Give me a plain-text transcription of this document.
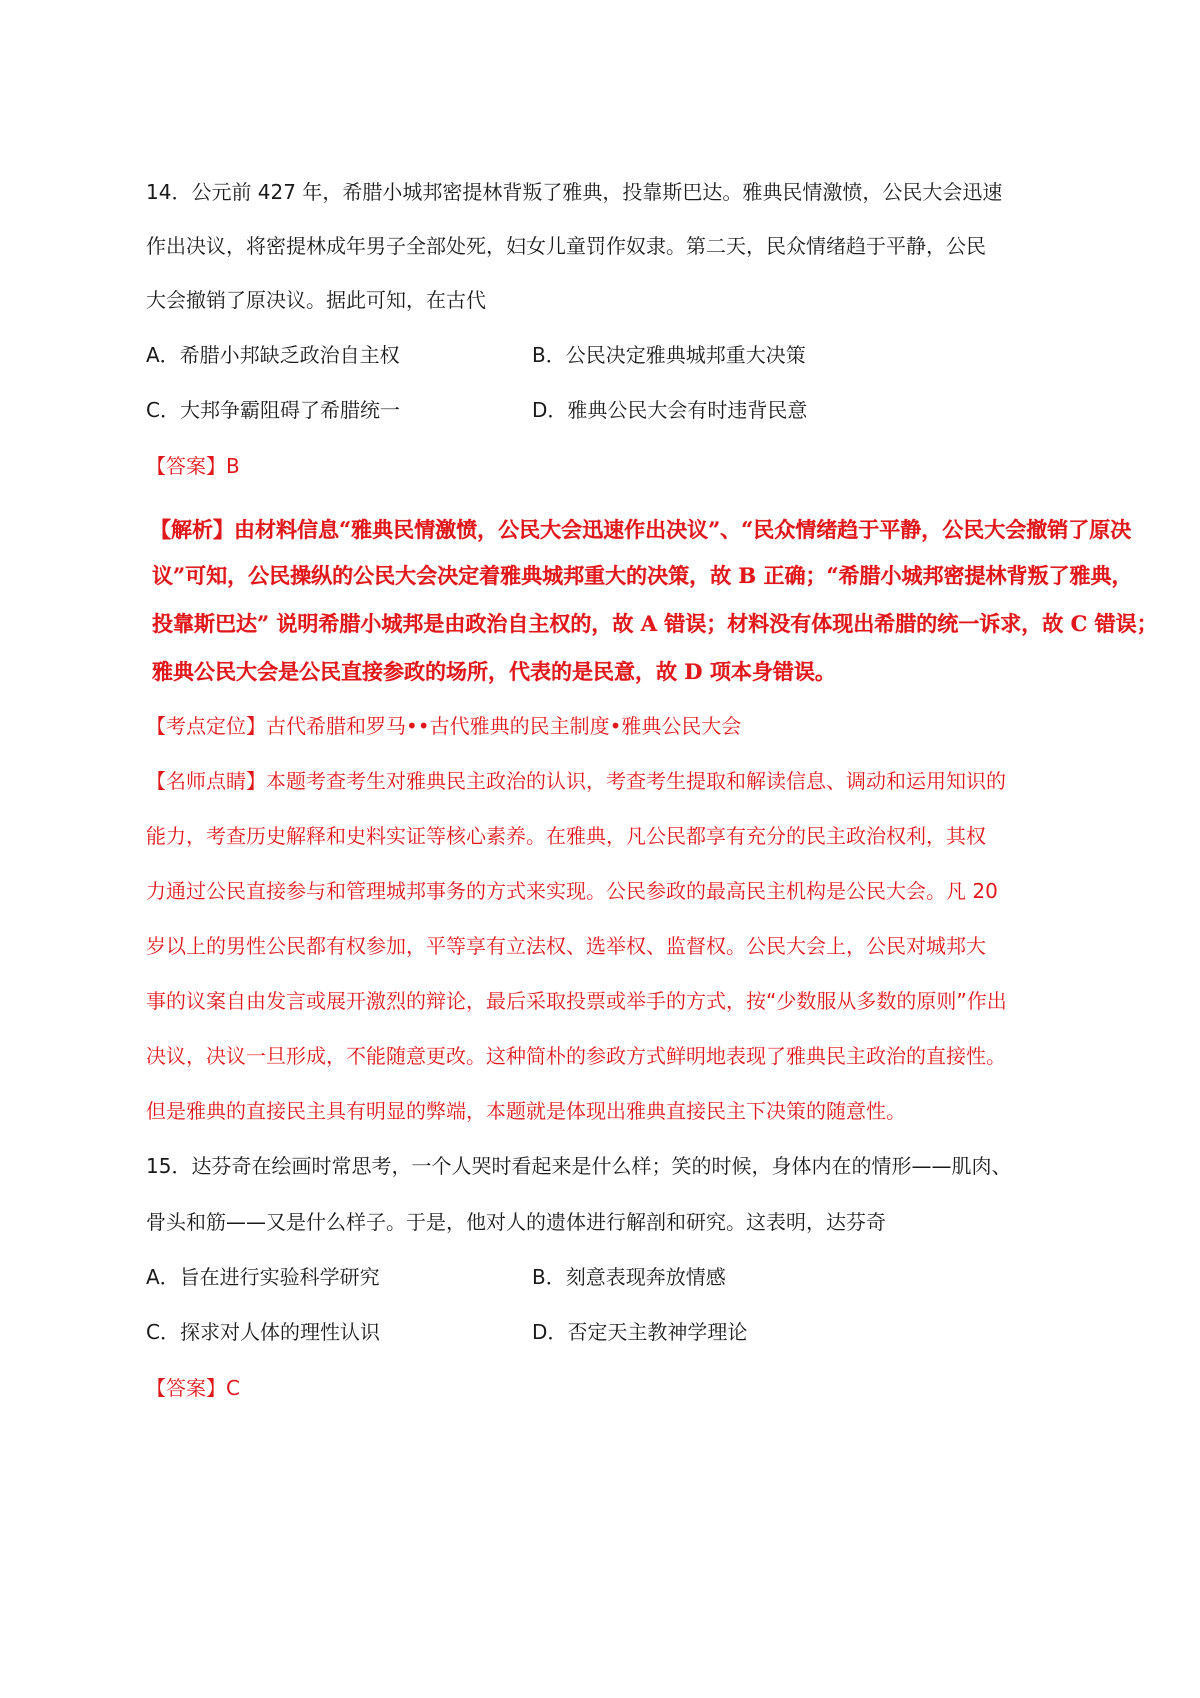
14．公元前 427 年，希腊小城邦密提林背叛了雅典，投靠斯巴达。雅典民情激愤，公民大会迅速
作出决议，将密提林成年男子全部处死，妇女儿童罚作奴隶。第二天，民众情绪趋于平静，公民
大会撤销了原决议。据此可知，在古代
A．希腊小邦缺乏政治自主权	B．公民决定雅典城邦重大决策
C．大邦争霸阻碍了希腊统一	D．雅典公民大会有时违背民意
【答案】B
【解析】由材料信息“雅典民情激愤，公民大会迅速作出决议”、“民众情绪趋于平静，公民大会撤销了原决
议”可知，公民操纵的公民大会决定着雅典城邦重大的决策，故 B 正确；“希腊小城邦密提林背叛了雅典，
投靠斯巴达” 说明希腊小城邦是由政治自主权的，故 A 错误；材料没有体现出希腊的统一诉求，故 C 错误；
雅典公民大会是公民直接参政的场所，代表的是民意，故 D 项本身错误。
【考点定位】古代希腊和罗马••古代雅典的民主制度•雅典公民大会
【名师点睛】本题考查考生对雅典民主政治的认识，考查考生提取和解读信息、调动和运用知识的
能力，考查历史解释和史料实证等核心素养。在雅典，凡公民都享有充分的民主政治权利，其权
力通过公民直接参与和管理城邦事务的方式来实现。公民参政的最高民主机构是公民大会。凡 20
岁以上的男性公民都有权参加，平等享有立法权、选举权、监督权。公民大会上，公民对城邦大
事的议案自由发言或展开激烈的辩论，最后采取投票或举手的方式，按“少数服从多数的原则”作出
决议，决议一旦形成，不能随意更改。这种简朴的参政方式鲜明地表现了雅典民主政治的直接性。
但是雅典的直接民主具有明显的弊端，本题就是体现出雅典直接民主下决策的随意性。
15．达芬奇在绘画时常思考，一个人哭时看起来是什么样；笑的时候，身体内在的情形——肌肉、
骨头和筋——又是什么样子。于是，他对人的遗体进行解剖和研究。这表明，达芬奇
A．旨在进行实验科学研究	B．刻意表现奔放情感
C．探求对人体的理性认识	D．否定天主教神学理论
【答案】C
